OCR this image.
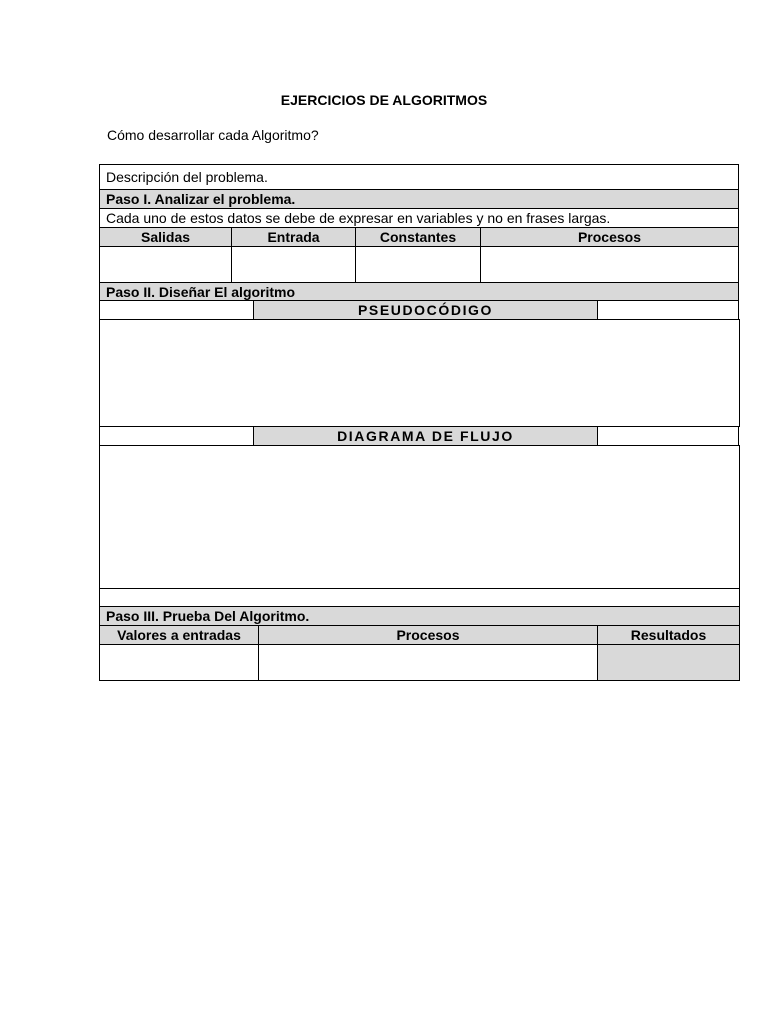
EJERCICIOS DE ALGORITMOS
Cómo desarrollar cada Algoritmo?
Descripción del problema.
Paso I. Analizar el problema.
Cada uno de estos datos se debe de expresar en variables y no en frases largas.
Salidas	Entrada	Constantes	Procesos
Paso II. Diseñar El algoritmo
PSEUDOCÓDIGO
DIAGRAMA DE FLUJO
Paso III. Prueba Del Algoritmo.
Valores a entradas	Procesos	Resultados
